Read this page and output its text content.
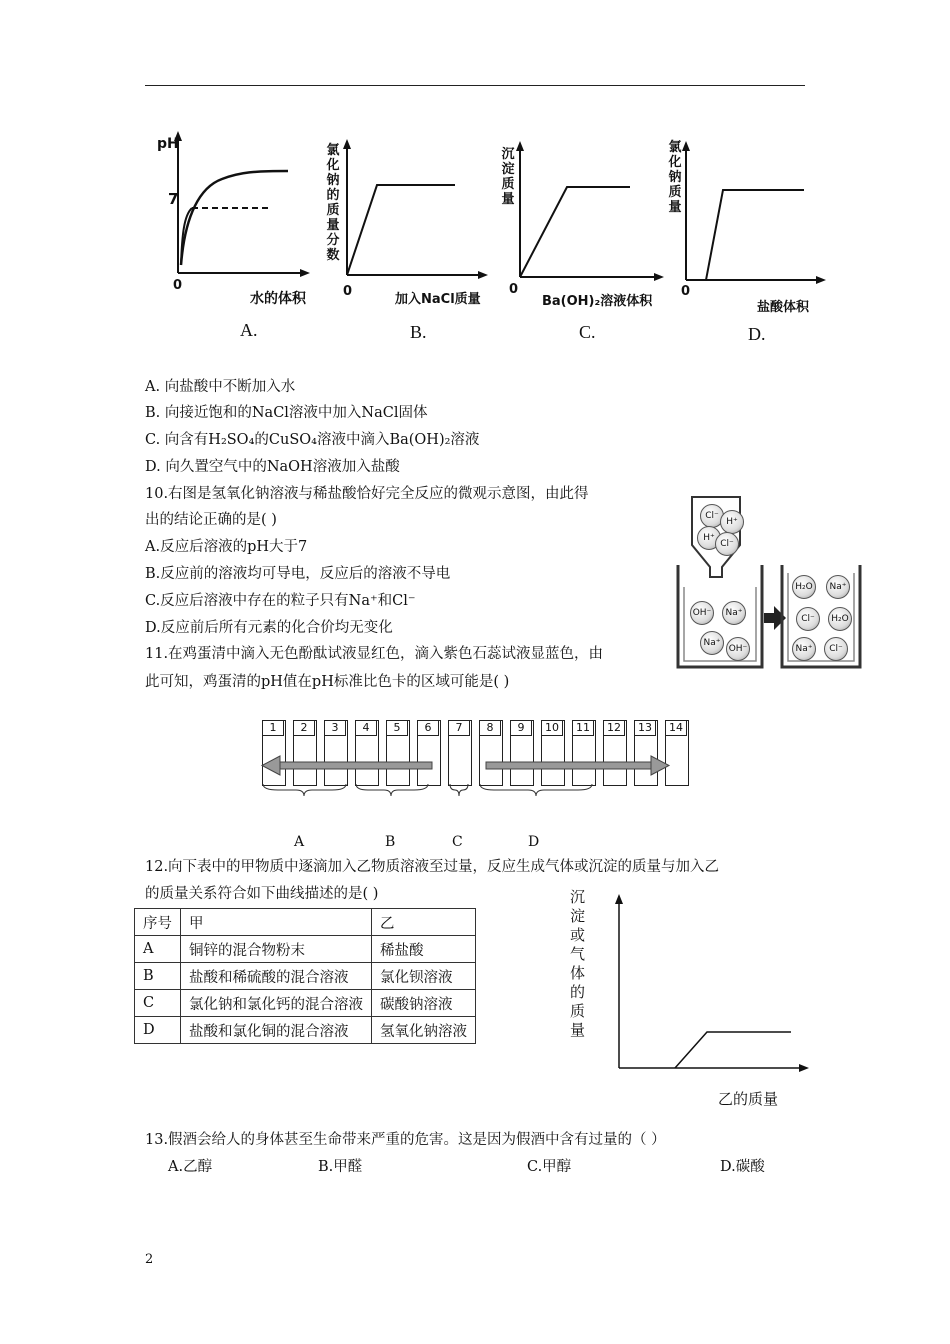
pH
7
0
水的体积
A.
氯化钠的质量分数
0
加入NaCl质量
B.
沉淀质量
0
Ba(OH)₂溶液体积
C.
氯化钠质量
0
盐酸体积
D.
A. 向盐酸中不断加入水
B. 向接近饱和的NaCl溶液中加入NaCl固体
C. 向含有H₂SO₄的CuSO₄溶液中滴入Ba(OH)₂溶液
D. 向久置空气中的NaOH溶液加入盐酸
10.右图是氢氧化钠溶液与稀盐酸恰好完全反应的微观示意图，由此得
出的结论正确的是( )
A.反应后溶液的pH大于7
B.反应前的溶液均可导电，反应后的溶液不导电
C.反应后溶液中存在的粒子只有Na⁺和Cl⁻
D.反应前后所有元素的化合价均无变化
Cl⁻
H⁺
H⁺
Cl⁻
OH⁻	Na⁺
Na⁺
OH⁻
H₂O	Na⁺
Cl⁻	H₂O
Na⁺	Cl⁻
11.在鸡蛋清中滴入无色酚酞试液显红色，滴入紫色石蕊试液显蓝色，由
此可知，鸡蛋清的pH值在pH标准比色卡的区域可能是( )
1	2	3	4	5	6	7	8	9	10	11	12	13	14
A	B	C	D
12.向下表中的甲物质中逐滴加入乙物质溶液至过量，反应生成气体或沉淀的质量与加入乙
的质量关系符合如下曲线描述的是( )
序号	甲	乙
A	铜锌的混合物粉末	稀盐酸
B	盐酸和稀硫酸的混合溶液	氯化钡溶液
C	氯化钠和氯化钙的混合溶液	碳酸钠溶液
D	盐酸和氯化铜的混合溶液	氢氧化钠溶液
沉淀或气体的质量
乙的质量
13.假酒会给人的身体甚至生命带来严重的危害。这是因为假酒中含有过量的（ ）
A.乙醇	B.甲醛	C.甲醇	D.碳酸
2
